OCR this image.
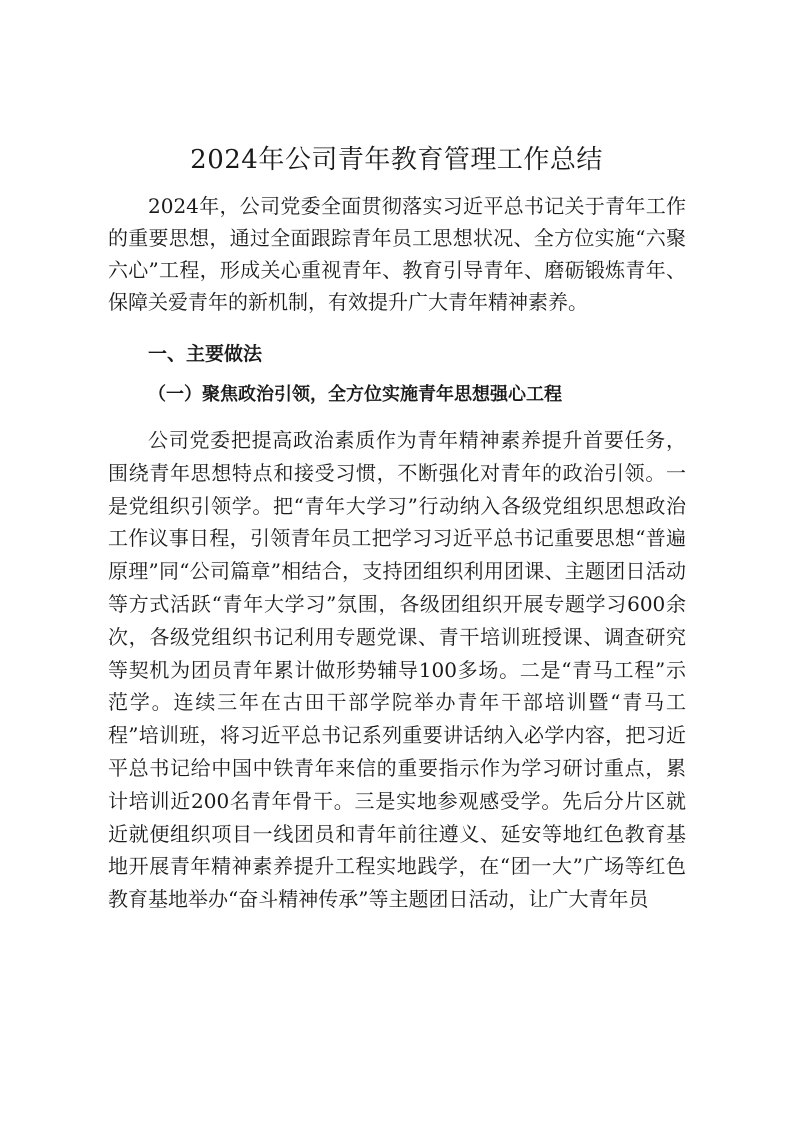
2024年公司青年教育管理工作总结

2024年，公司党委全面贯彻落实习近平总书记关于青年工作的重要思想，通过全面跟踪青年员工思想状况、全方位实施“六聚六心”工程，形成关心重视青年、教育引导青年、磨砺锻炼青年、保障关爱青年的新机制，有效提升广大青年精神素养。

一、主要做法
（一）聚焦政治引领，全方位实施青年思想强心工程

公司党委把提高政治素质作为青年精神素养提升首要任务，围绕青年思想特点和接受习惯，不断强化对青年的政治引领。一是党组织引领学。把“青年大学习”行动纳入各级党组织思想政治工作议事日程，引领青年员工把学习习近平总书记重要思想“普遍原理”同“公司篇章”相结合，支持团组织利用团课、主题团日活动等方式活跃“青年大学习”氛围，各级团组织开展专题学习600余次，各级党组织书记利用专题党课、青干培训班授课、调查研究等契机为团员青年累计做形势辅导100多场。二是“青马工程”示范学。连续三年在古田干部学院举办青年干部培训暨“青马工程”培训班，将习近平总书记系列重要讲话纳入必学内容，把习近平总书记给中国中铁青年来信的重要指示作为学习研讨重点，累计培训近200名青年骨干。三是实地参观感受学。先后分片区就近就便组织项目一线团员和青年前往遵义、延安等地红色教育基地开展青年精神素养提升工程实地践学，在“团一大”广场等红色教育基地举办“奋斗精神传承”等主题团日活动，让广大青年员
